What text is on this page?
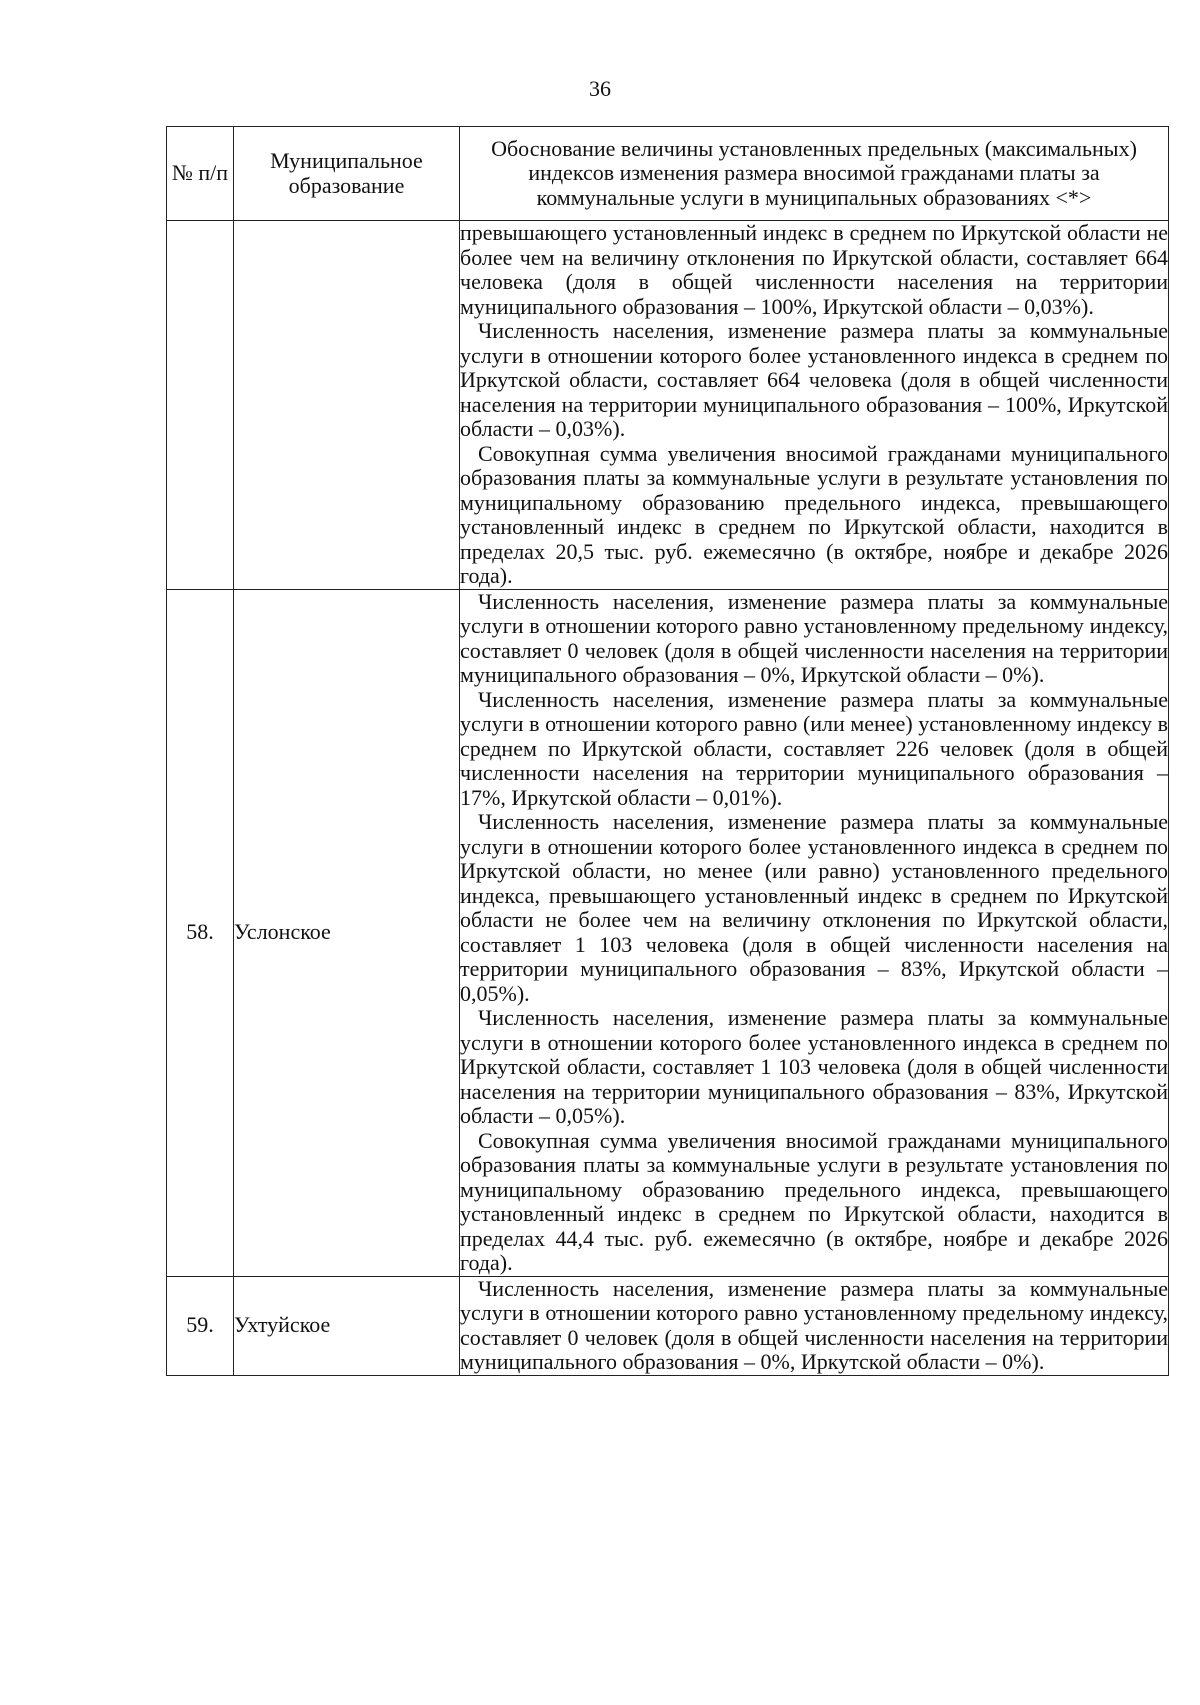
36
№ п/п	Муниципальное образование	Обоснование величины установленных предельных (максимальных) индексов изменения размера вносимой гражданами платы за коммунальные услуги в муниципальных образованиях <*>

		превышающего установленный индекс в среднем по Иркутской области не более чем на величину отклонения по Иркутской области, составляет 664 человека (доля в общей численности населения на территории муниципального образования – 100%, Иркутской области – 0,03%).

Численность населения, изменение размера платы за коммунальные услуги в отношении которого более установленного индекса в среднем по Иркутской области, составляет 664 человека (доля в общей численности населения на территории муниципального образования – 100%, Иркутской области – 0,03%).

Совокупная сумма увеличения вносимой гражданами муниципального образования платы за коммунальные услуги в результате установления по муниципальному образованию предельного индекса, превышающего установленный индекс в среднем по Иркутской области, находится в пределах 20,5 тыс. руб. ежемесячно (в октябре, ноябре и декабре 2026 года).

58.	Услонское	Численность населения, изменение размера платы за коммунальные услуги в отношении которого равно установленному предельному индексу, составляет 0 человек (доля в общей численности населения на территории муниципального образования – 0%, Иркутской области – 0%).

Численность населения, изменение размера платы за коммунальные услуги в отношении которого равно (или менее) установленному индексу в среднем по Иркутской области, составляет 226 человек (доля в общей численности населения на территории муниципального образования – 17%, Иркутской области – 0,01%).

Численность населения, изменение размера платы за коммунальные услуги в отношении которого более установленного индекса в среднем по Иркутской области, но менее (или равно) установленного предельного индекса, превышающего установленный индекс в среднем по Иркутской области не более чем на величину отклонения по Иркутской области, составляет 1 103 человека (доля в общей численности населения на территории муниципального образования – 83%, Иркутской области – 0,05%).

Численность населения, изменение размера платы за коммунальные услуги в отношении которого более установленного индекса в среднем по Иркутской области, составляет 1 103 человека (доля в общей численности населения на территории муниципального образования – 83%, Иркутской области – 0,05%).

Совокупная сумма увеличения вносимой гражданами муниципального образования платы за коммунальные услуги в результате установления по муниципальному образованию предельного индекса, превышающего установленный индекс в среднем по Иркутской области, находится в пределах 44,4 тыс. руб. ежемесячно (в октябре, ноябре и декабре 2026 года).

59.	Ухтуйское	Численность населения, изменение размера платы за коммунальные услуги в отношении которого равно установленному предельному индексу, составляет 0 человек (доля в общей численности населения на территории муниципального образования – 0%, Иркутской области – 0%).
